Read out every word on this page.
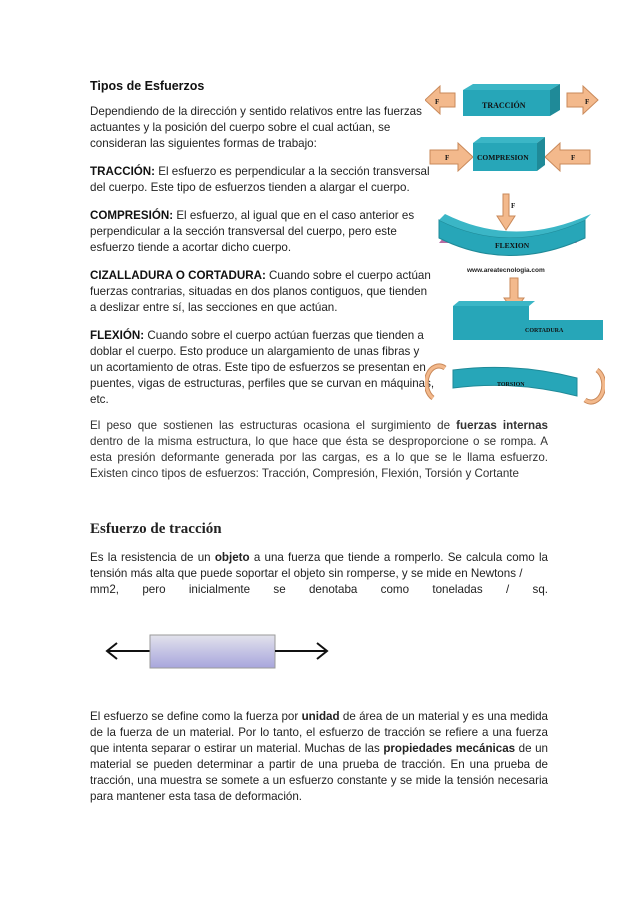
Tipos de Esfuerzos

Dependiendo de la dirección y sentido relativos entre las fuerzas actuantes y la posición del cuerpo sobre el cual actúan, se consideran las siguientes formas de trabajo:

TRACCIÓN: El esfuerzo es perpendicular a la sección transversal del cuerpo. Este tipo de esfuerzos tienden a alargar el cuerpo.

COMPRESIÓN: El esfuerzo, al igual que en el caso anterior es perpendicular a la sección transversal del cuerpo, pero este esfuerzo tiende a acortar dicho cuerpo.

CIZALLADURA O CORTADURA: Cuando sobre el cuerpo actúan fuerzas contrarias, situadas en dos planos contiguos, que tienden a deslizar entre sí, las secciones en que actúan.

FLEXIÓN: Cuando sobre el cuerpo actúan fuerzas que tienden a doblar el cuerpo. Esto produce un alargamiento de unas fibras y un acortamiento de otras. Este tipo de esfuerzos se presentan en puentes, vigas de estructuras, perfiles que se curvan en máquinas, etc.

TRACCIÓN
F	F
COMPRESION
F	F
F
FLEXION
www.areatecnologia.com
CORTADURA
TORSION
El peso que sostienen las estructuras ocasiona el surgimiento de fuerzas internas dentro de la misma estructura, lo que hace que ésta se desproporcione o se rompa. A esta presión deformante generada por las cargas, es a lo que se le llama esfuerzo. Existen cinco tipos de esfuerzos: Tracción, Compresión, Flexión, Torsión y Cortante
Esfuerzo de tracción
Es la resistencia de un objeto a una fuerza que tiende a romperlo. Se calcula como la tensión más alta que puede soportar el objeto sin romperse, y se mide en Newtons /
mm2, pero inicialmente se denotaba como toneladas / sq.
El esfuerzo se define como la fuerza por unidad de área de un material y es una medida de la fuerza de un material. Por lo tanto, el esfuerzo de tracción se refiere a una fuerza que intenta separar o estirar un material. Muchas de las propiedades mecánicas de un material se pueden determinar a partir de una prueba de tracción. En una prueba de tracción, una muestra se somete a un esfuerzo constante y se mide la tensión necesaria para mantener esta tasa de deformación.
